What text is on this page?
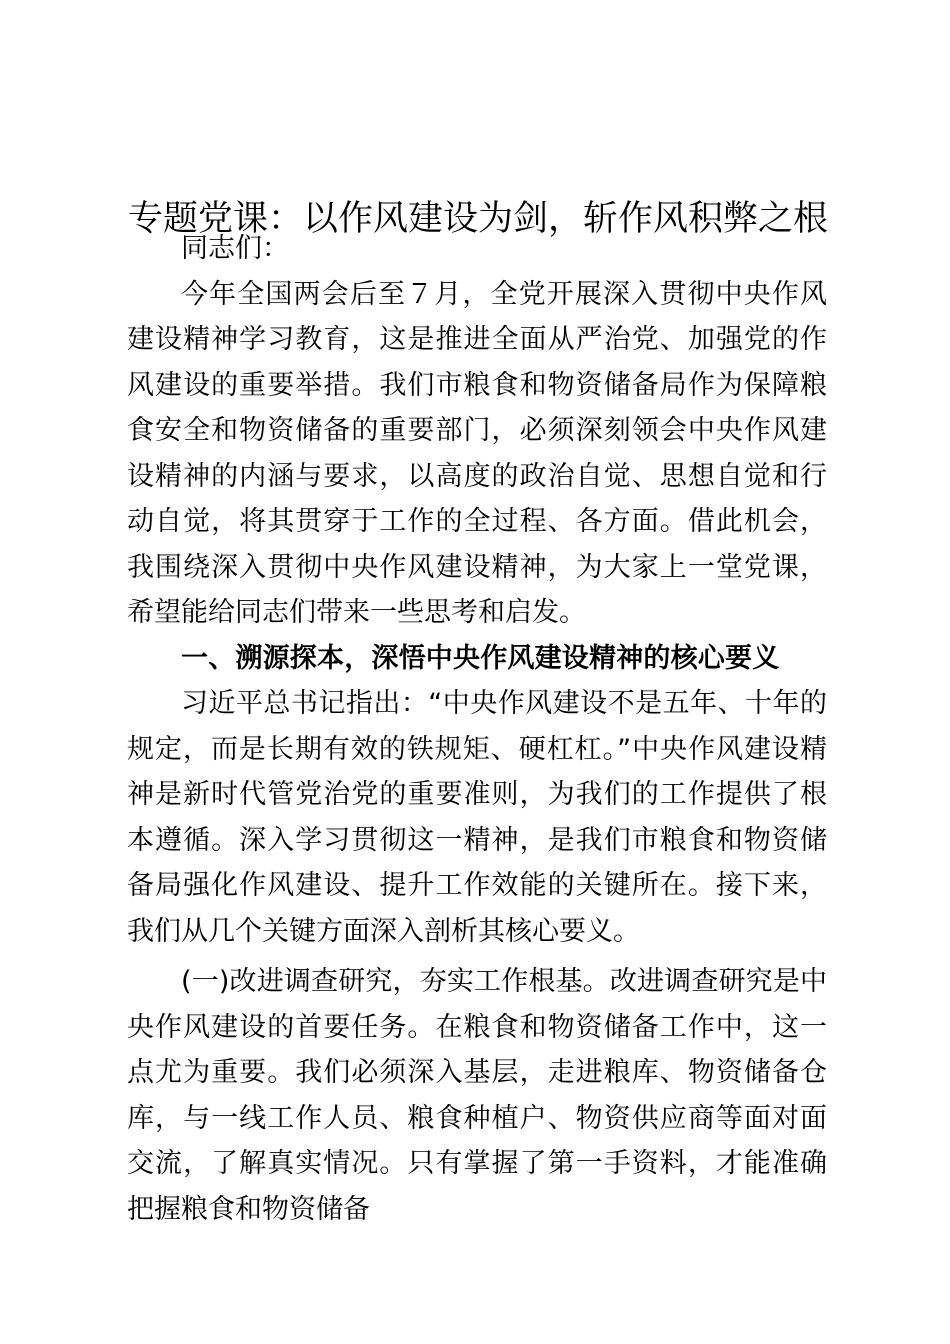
专题党课：以作风建设为剑，斩作风积弊之根

同志们：

今年全国两会后至７月，全党开展深入贯彻中央作风建设精神学习教育，这是推进全面从严治党、加强党的作风建设的重要举措。我们市粮食和物资储备局作为保障粮食安全和物资储备的重要部门，必须深刻领会中央作风建设精神的内涵与要求，以高度的政治自觉、思想自觉和行动自觉，将其贯穿于工作的全过程、各方面。借此机会，我围绕深入贯彻中央作风建设精神，为大家上一堂党课，希望能给同志们带来一些思考和启发。

一、溯源探本，深悟中央作风建设精神的核心要义

习近平总书记指出：“中央作风建设不是五年、十年的规定，而是长期有效的铁规矩、硬杠杠。”中央作风建设精神是新时代管党治党的重要准则，为我们的工作提供了根本遵循。深入学习贯彻这一精神，是我们市粮食和物资储备局强化作风建设、提升工作效能的关键所在。接下来，我们从几个关键方面深入剖析其核心要义。

(一)改进调查研究，夯实工作根基。改进调查研究是中央作风建设的首要任务。在粮食和物资储备工作中，这一点尤为重要。我们必须深入基层，走进粮库、物资储备仓库，与一线工作人员、粮食种植户、物资供应商等面对面交流，了解真实情况。只有掌握了第一手资料，才能准确把握粮食和物资储备
